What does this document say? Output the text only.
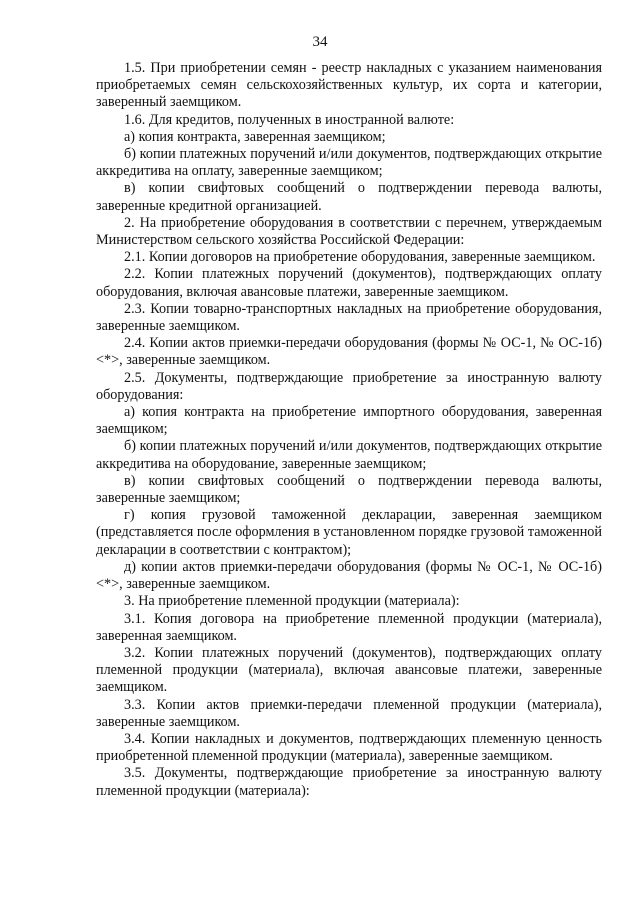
34

1.5. При приобретении семян - реестр накладных с указанием наименования приобретаемых семян сельскохозяйственных культур, их сорта и категории, заверенный заемщиком.

1.6. Для кредитов, полученных в иностранной валюте:

а) копия контракта, заверенная заемщиком;

б) копии платежных поручений и/или документов, подтверждающих открытие аккредитива на оплату, заверенные заемщиком;

в) копии свифтовых сообщений о подтверждении перевода валюты, заверенные кредитной организацией.

2. На приобретение оборудования в соответствии с перечнем, утверждаемым Министерством сельского хозяйства Российской Федерации:

2.1. Копии договоров на приобретение оборудования, заверенные заемщиком.

2.2. Копии платежных поручений (документов), подтверждающих оплату оборудования, включая авансовые платежи, заверенные заемщиком.

2.3. Копии товарно-транспортных накладных на приобретение оборудования, заверенные заемщиком.

2.4. Копии актов приемки-передачи оборудования (формы № ОС-1, № ОС-1б) <*>, заверенные заемщиком.

2.5. Документы, подтверждающие приобретение за иностранную валюту оборудования:

а) копия контракта на приобретение импортного оборудования, заверенная заемщиком;

б) копии платежных поручений и/или документов, подтверждающих открытие аккредитива на оборудование, заверенные заемщиком;

в) копии свифтовых сообщений о подтверждении перевода валюты, заверенные заемщиком;

г) копия грузовой таможенной декларации, заверенная заемщиком (представляется после оформления в установленном порядке грузовой таможенной декларации в соответствии с контрактом);

д) копии актов приемки-передачи оборудования (формы № ОС-1, № ОС-1б) <*>, заверенные заемщиком.

3. На приобретение племенной продукции (материала):

3.1. Копия договора на приобретение племенной продукции (материала), заверенная заемщиком.

3.2. Копии платежных поручений (документов), подтверждающих оплату племенной продукции (материала), включая авансовые платежи, заверенные заемщиком.

3.3. Копии актов приемки-передачи племенной продукции (материала), заверенные заемщиком.

3.4. Копии накладных и документов, подтверждающих племенную ценность приобретенной племенной продукции (материала), заверенные заемщиком.

3.5. Документы, подтверждающие приобретение за иностранную валюту племенной продукции (материала):
